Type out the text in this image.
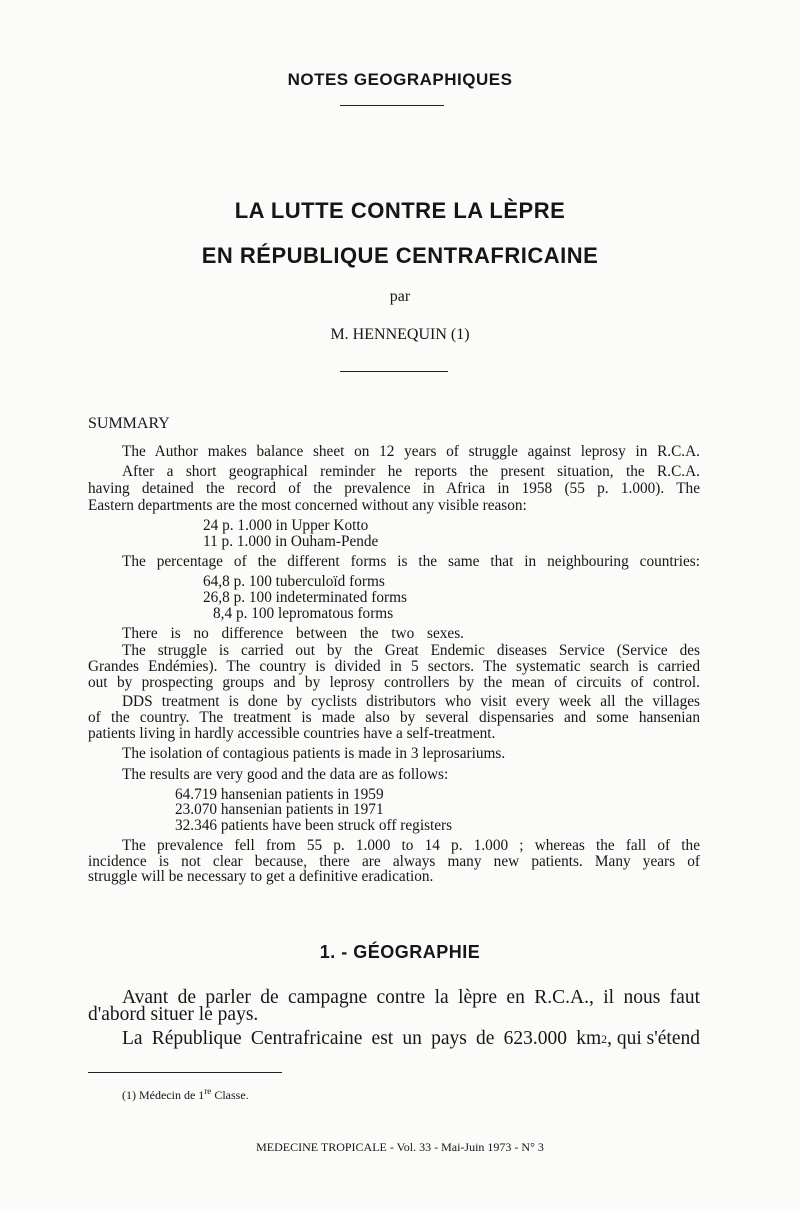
NOTES GEOGRAPHIQUES
LA LUTTE CONTRE LA LÈPRE
EN RÉPUBLIQUE CENTRAFRICAINE
par
M. HENNEQUIN (1)
SUMMARY
The Author makes balance sheet on 12 years of struggle against leprosy in R.C.A.
After a short geographical reminder he reports the present situation, the R.C.A.
having detained the record of the prevalence in Africa in 1958 (55 p. 1.000). The
Eastern departments are the most concerned without any visible reason:
24 p. 1.000 in Upper Kotto
11 p. 1.000 in Ouham-Pende
The percentage of the different forms is the same that in neighbouring countries:
64,8 p. 100 tuberculoïd forms
26,8 p. 100 indeterminated forms
8,4 p. 100 lepromatous forms
There is no difference between the two sexes.
The struggle is carried out by the Great Endemic diseases Service (Service des
Grandes Endémies). The country is divided in 5 sectors. The systematic search is carried
out by prospecting groups and by leprosy controllers by the mean of circuits of control.
DDS treatment is done by cyclists distributors who visit every week all the villages
of the country. The treatment is made also by several dispensaries and some hansenian
patients living in hardly accessible countries have a self-treatment.
The isolation of contagious patients is made in 3 leprosariums.
The results are very good and the data are as follows:
64.719 hansenian patients in 1959
23.070 hansenian patients in 1971
32.346 patients have been struck off registers
The prevalence fell from 55 p. 1.000 to 14 p. 1.000 ; whereas the fall of the
incidence is not clear because, there are always many new patients. Many years of
struggle will be necessary to get a definitive eradication.
1. - GÉOGRAPHIE
Avant de parler de campagne contre la lèpre en R.C.A., il nous faut
d'abord situer le pays.
La République Centrafricaine est un pays de 623.000 km 2 , qui s'étend
(1) Médecin de 1re Classe.
MEDECINE TROPICALE - Vol. 33 - Mai-Juin 1973 - N° 3
